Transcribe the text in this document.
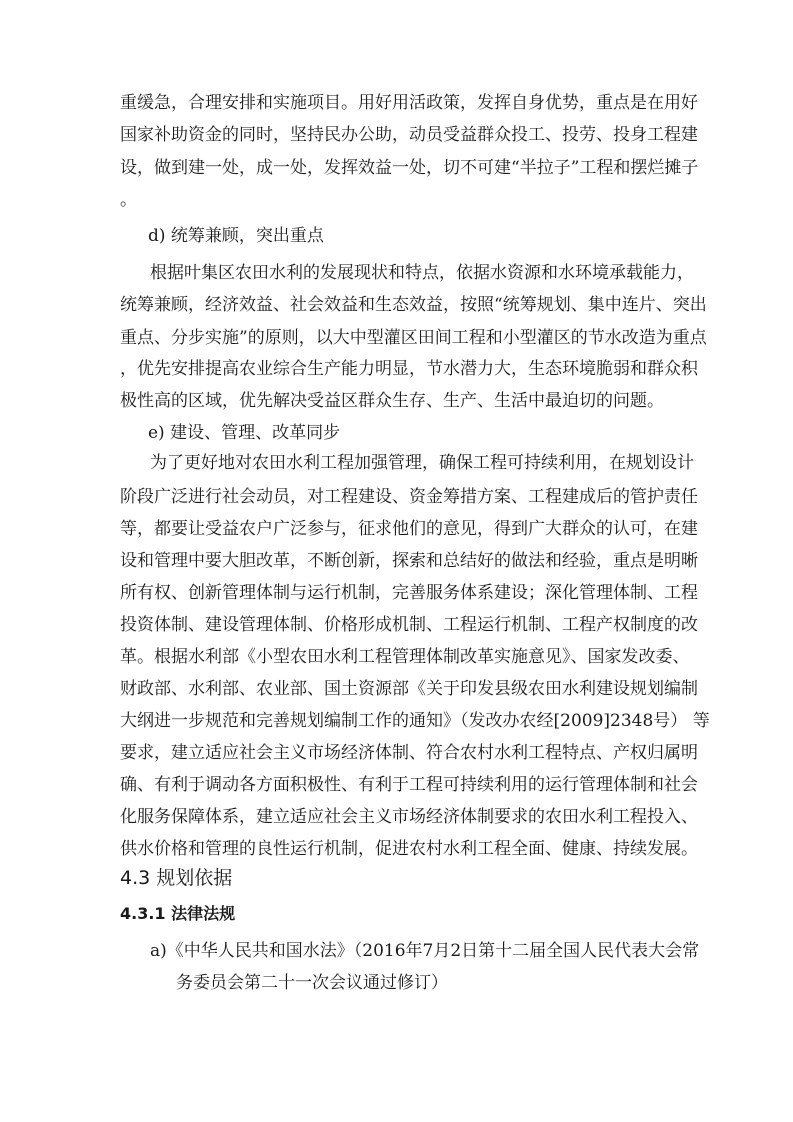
重缓急，合理安排和实施项目。用好用活政策，发挥自身优势，重点是在用好
国家补助资金的同时，坚持民办公助，动员受益群众投工、投劳、投身工程建
设，做到建一处，成一处，发挥效益一处，切不可建“半拉子”工程和摆烂摊子
。
d) 统筹兼顾，突出重点
根据叶集区农田水利的发展现状和特点，依据水资源和水环境承载能力，
统筹兼顾，经济效益、社会效益和生态效益，按照“统筹规划、集中连片、突出
重点、分步实施”的原则，以大中型灌区田间工程和小型灌区的节水改造为重点
，优先安排提高农业综合生产能力明显，节水潜力大，生态环境脆弱和群众积
极性高的区域，优先解决受益区群众生存、生产、生活中最迫切的问题。
e) 建设、管理、改革同步
为了更好地对农田水利工程加强管理，确保工程可持续利用，在规划设计
阶段广泛进行社会动员，对工程建设、资金筹措方案、工程建成后的管护责任
等，都要让受益农户广泛参与，征求他们的意见，得到广大群众的认可，在建
设和管理中要大胆改革，不断创新，探索和总结好的做法和经验，重点是明晰
所有权、创新管理体制与运行机制，完善服务体系建设；深化管理体制、工程
投资体制、建设管理体制、价格形成机制、工程运行机制、工程产权制度的改
革。根据水利部《小型农田水利工程管理体制改革实施意见》、国家发改委、
财政部、水利部、农业部、国土资源部《关于印发县级农田水利建设规划编制
大纲进一步规范和完善规划编制工作的通知》（发改办农经[2009]2348号） 等
要求，建立适应社会主义市场经济体制、符合农村水利工程特点、产权归属明
确、有利于调动各方面积极性、有利于工程可持续利用的运行管理体制和社会
化服务保障体系，建立适应社会主义市场经济体制要求的农田水利工程投入、
供水价格和管理的良性运行机制，促进农村水利工程全面、健康、持续发展。
4.3 规划依据
4.3.1 法律法规
a)《中华人民共和国水法》（2016年7月2日第十二届全国人民代表大会常
务委员会第二十一次会议通过修订）
